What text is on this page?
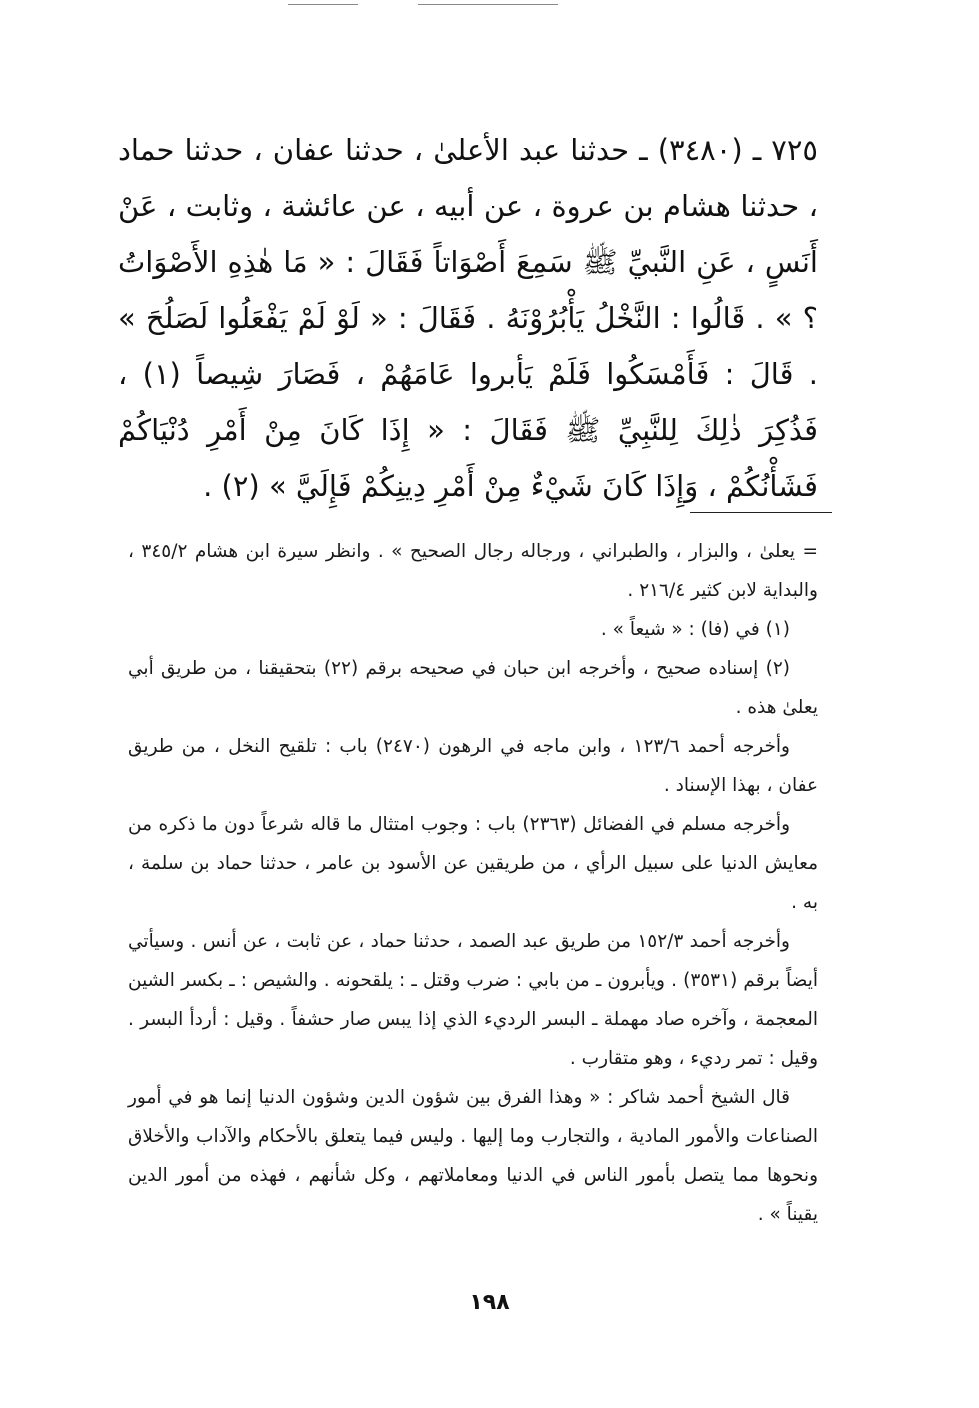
٧٢٥ ـ (٣٤٨٠) ـ حدثنا عبد الأعلىٰ ، حدثنا عفان ، حدثنا حماد ، حدثنا هشام بن عروة ، عن أبيه ، عن عائشة ، وثابت ، عَنْ أَنَسٍ ، عَنِ النَّبيِّ ﷺ سَمِعَ أَصْوَاتاً فَقَالَ : « مَا هٰذِهِ الأَصْوَاتُ ؟ » . قَالُوا : النَّخْلُ يَأْبُرُوْنَهُ . فَقَالَ : « لَوْ لَمْ يَفْعَلُوا لَصَلُحَ » . قَالَ : فَأَمْسَكُوا فَلَمْ يَأبروا عَامَهُمْ ، فَصَارَ شِيصاً (١) ، فَذُكِرَ ذٰلِكَ لِلنَّبِيِّ ﷺ فَقَالَ : « إِذَا كَانَ مِنْ أَمْرِ دُنْيَاكُمْ فَشَأْنُكُمْ ، وَإِذَا كَانَ شَيْءٌ مِنْ أَمْرِ دِينِكُمْ فَإِلَيَّ » (٢) .

= يعلىٰ ، والبزار ، والطبراني ، ورجاله رجال الصحيح » . وانظر سيرة ابن هشام ٣٤٥/٢ ، والبداية لابن كثير ٢١٦/٤ .

(١) في (فا) : « شيعاً » .

(٢) إسناده صحيح ، وأخرجه ابن حبان في صحيحه برقم (٢٢) بتحقيقنا ، من طريق أبي يعلىٰ هذه .

وأخرجه أحمد ١٢٣/٦ ، وابن ماجه في الرهون (٢٤٧٠) باب : تلقيح النخل ، من طريق عفان ، بهذا الإسناد .

وأخرجه مسلم في الفضائل (٢٣٦٣) باب : وجوب امتثال ما قاله شرعاً دون ما ذكره من معايش الدنيا على سبيل الرأي ، من طريقين عن الأسود بن عامر ، حدثنا حماد بن سلمة ، به .

وأخرجه أحمد ١٥٢/٣ من طريق عبد الصمد ، حدثنا حماد ، عن ثابت ، عن أنس . وسيأتي أيضاً برقم (٣٥٣١) . ويأبرون ـ من بابي : ضرب وقتل ـ : يلقحونه . والشيص : ـ بكسر الشين المعجمة ، وآخره صاد مهملة ـ البسر الرديء الذي إذا يبس صار حشفاً . وقيل : أردأ البسر . وقيل : تمر رديء ، وهو متقارب .

قال الشيخ أحمد شاكر : « وهذا الفرق بين شؤون الدين وشؤون الدنيا إنما هو في أمور الصناعات والأمور المادية ، والتجارب وما إليها . وليس فيما يتعلق بالأحكام والآداب والأخلاق ونحوها مما يتصل بأمور الناس في الدنيا ومعاملاتهم ، وكل شأنهم ، فهذه من أمور الدين يقيناً » .

١٩٨
